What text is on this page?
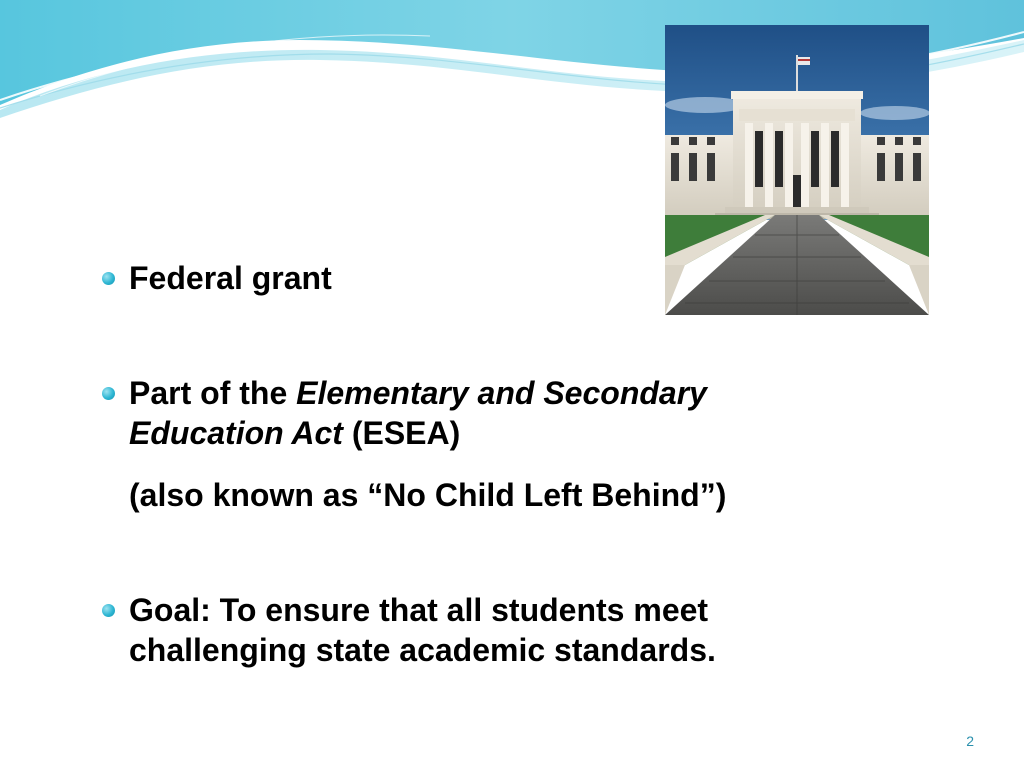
Federal grant
Part of the Elementary and Secondary
Education Act (ESEA)
(also known as “No Child Left Behind”)
Goal: To ensure that all students meet
challenging state academic standards.
2
